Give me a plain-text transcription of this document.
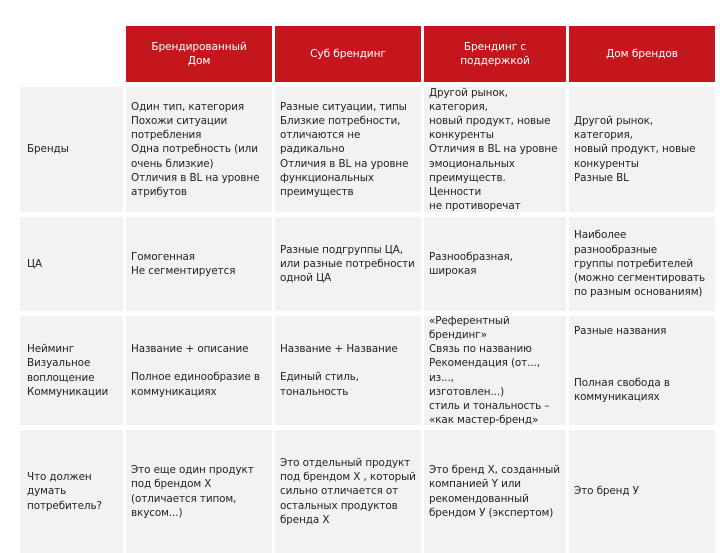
Брендированный
Дом
Суб брендинг
Брендинг с поддержкой
Дом брендов
Бренды
Один тип, категория
Похожи ситуации
потребления
Одна потребность (или
очень близкие)
Отличия в BL на уровне
атрибутов
Разные ситуации, типы
Близкие потребности,
отличаются не
радикально
Отличия в BL на уровне
функциональных
преимуществ
Другой рынок, категория,
новый продукт, новые
конкуренты
Отличия в BL на уровне
эмоциональных
преимуществ. Ценности
не противоречат
Другой рынок, категория,
новый продукт, новые
конкуренты
Разные BL
ЦА
Гомогенная
Не сегментируется
Разные подгруппы ЦА,
или разные потребности
одной ЦА
Разнообразная, широкая
Наиболее разнообразные
группы потребителей
(можно сегментировать
по разным основаниям)
Нейминг
Визуальное
воплощение
Коммуникации
Название + описание
Полное единообразие в
коммуникациях
Название + Название
Единый стиль,
тональность
«Референтный брендинг»
Связь по названию
Рекомендация (от..., из...,
изготовлен...)
стиль и тональность –
«как мастер-бренд»
Разные названия
Полная свобода в
коммуникациях
Что должен
думать
потребитель?
Это еще один продукт
под брендом Х
(отличается типом,
вкусом...)
Это отдельный продукт
под брендом Х , который
сильно отличается от
остальных продуктов
бренда Х
Это бренд Х, созданный
компанией Y или
рекомендованный
брендом У (экспертом)
Это бренд У
